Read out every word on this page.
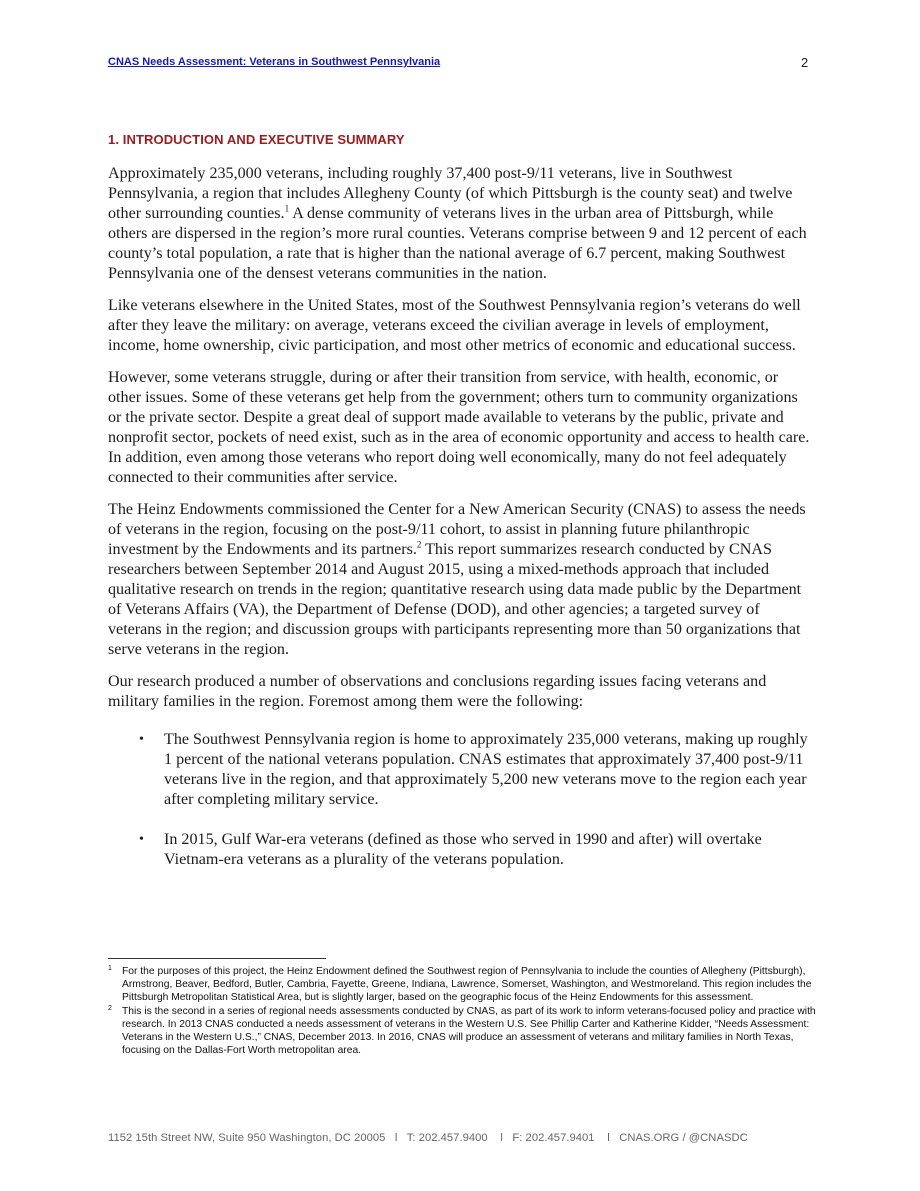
CNAS Needs Assessment: Veterans in Southwest Pennsylvania	2
1. INTRODUCTION AND EXECUTIVE SUMMARY

Approximately 235,000 veterans, including roughly 37,400 post-9/11 veterans, live in Southwest Pennsylvania, a region that includes Allegheny County (of which Pittsburgh is the county seat) and twelve other surrounding counties.$^1$ A dense community of veterans lives in the urban area of Pittsburgh, while others are dispersed in the region’s more rural counties. Veterans comprise between 9 and 12 percent of each county’s total population, a rate that is higher than the national average of 6.7 percent, making Southwest Pennsylvania one of the densest veterans communities in the nation.

Like veterans elsewhere in the United States, most of the Southwest Pennsylvania region’s veterans do well after they leave the military: on average, veterans exceed the civilian average in levels of employment, income, home ownership, civic participation, and most other metrics of economic and educational success.

However, some veterans struggle, during or after their transition from service, with health, economic, or other issues. Some of these veterans get help from the government; others turn to community organizations or the private sector. Despite a great deal of support made available to veterans by the public, private and nonprofit sector, pockets of need exist, such as in the area of economic opportunity and access to health care. In addition, even among those veterans who report doing well economically, many do not feel adequately connected to their communities after service.

The Heinz Endowments commissioned the Center for a New American Security (CNAS) to assess the needs of veterans in the region, focusing on the post-9/11 cohort, to assist in planning future philanthropic investment by the Endowments and its partners.$^2$ This report summarizes research conducted by CNAS researchers between September 2014 and August 2015, using a mixed-methods approach that included qualitative research on trends in the region; quantitative research using data made public by the Department of Veterans Affairs (VA), the Department of Defense (DOD), and other agencies; a targeted survey of veterans in the region; and discussion groups with participants representing more than 50 organizations that serve veterans in the region.

Our research produced a number of observations and conclusions regarding issues facing veterans and military families in the region. Foremost among them were the following:

• The Southwest Pennsylvania region is home to approximately 235,000 veterans, making up roughly 1 percent of the national veterans population. CNAS estimates that approximately 37,400 post-9/11 veterans live in the region, and that approximately 5,200 new veterans move to the region each year after completing military service.
• In 2015, Gulf War-era veterans (defined as those who served in 1990 and after) will overtake Vietnam-era veterans as a plurality of the veterans population.
1 For the purposes of this project, the Heinz Endowment defined the Southwest region of Pennsylvania to include the counties of Allegheny (Pittsburgh), Armstrong, Beaver, Bedford, Butler, Cambria, Fayette, Greene, Indiana, Lawrence, Somerset, Washington, and Westmoreland. This region includes the Pittsburgh Metropolitan Statistical Area, but is slightly larger, based on the geographic focus of the Heinz Endowments for this assessment.
2 This is the second in a series of regional needs assessments conducted by CNAS, as part of its work to inform veterans-focused policy and practice with research. In 2013 CNAS conducted a needs assessment of veterans in the Western U.S. See Phillip Carter and Katherine Kidder, “Needs Assessment: Veterans in the Western U.S.,” CNAS, December 2013. In 2016, CNAS will produce an assessment of veterans and military families in North Texas, focusing on the Dallas-Fort Worth metropolitan area.
1152 15th Street NW, Suite 950 Washington, DC 20005   l   T: 202.457.9400    l   F: 202.457.9401    l   CNAS.ORG / @CNASDC
